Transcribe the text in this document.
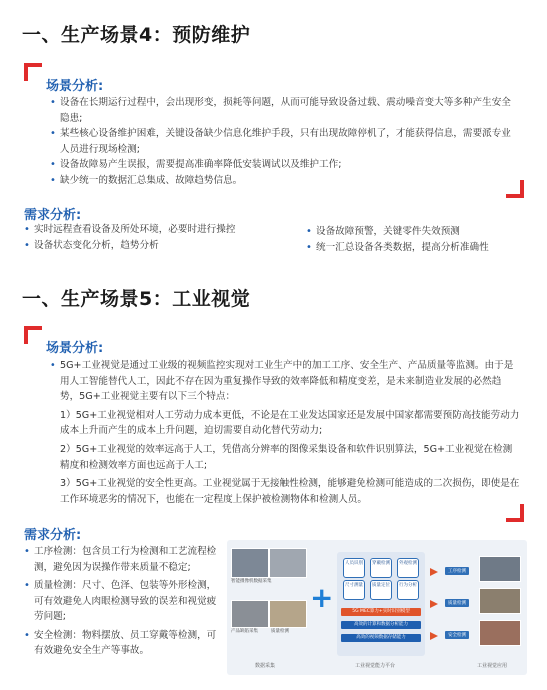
一、生产场景4：预防维护
场景分析:
• 设备在长期运行过程中，会出现形变，损耗等问题，从而可能导致设备过载、震动噪音变大等多种产生安全隐患;
• 某些核心设备维护困难，关键设备缺少信息化维护手段，只有出现故障停机了，才能获得信息，需要派专业人员进行现场检测;
• 设备故障易产生误报，需要提高准确率降低安装调试以及维护工作;
• 缺少统一的数据汇总集成、故障趋势信息。
需求分析:
• 实时远程查看设备及所处环境，必要时进行操控
• 设备状态变化分析，趋势分析
• 设备故障预警，关键零件失效预测
• 统一汇总设备各类数据，提高分析准确性
一、生产场景5：工业视觉
场景分析:

• 5G+工业视觉是通过工业级的视频监控实现对工业生产中的加工工序、安全生产、产品质量等监测。由于是用人工智能替代人工，因此不存在因为重复操作导致的效率降低和精度变差，是未来制造业发展的必然趋势，5G+工业视觉主要有以下三个特点：

1）5G+工业视觉相对人工劳动力成本更低，不论是在工业发达国家还是发展中国家都需要预防高技能劳动力成本上升而产生的成本上升问题，迫切需要自动化替代劳动力;

2）5G+工业视觉的效率远高于人工，凭借高分辨率的图像采集设备和软件识别算法，5G+工业视觉在检测精度和检测效率方面也远高于人工;

3）5G+工业视觉的安全性更高。工业视觉属于无接触性检测，能够避免检测可能造成的二次损伤，即使是在工作环境恶劣的情况下，也能在一定程度上保护被检测物体和检测人员。

需求分析:
• 工序检测：包含员工行为检测和工艺流程检测，避免因为误操作带来质量不稳定;
• 质量检测：尺寸、色泽、包装等外形检测，可有效避免人肉眼检测导致的误差和视觉疲劳问题;
• 安全检测：物料摆放、员工穿戴等检测，可有效避免安全生产等事故。
智能摄像机数据采集
产品缺陷采集	质量检测
+
人员识别	穿戴检测	外观检测
尺寸测量	质量定位	行为分析
5G MEC算力+实时识别模型
高效的计算和数据分析能力
高效的视频数据存储能力
工序检测
质量检测
安全检测
数据采集	工业视觉能力平台	工业视觉应用
